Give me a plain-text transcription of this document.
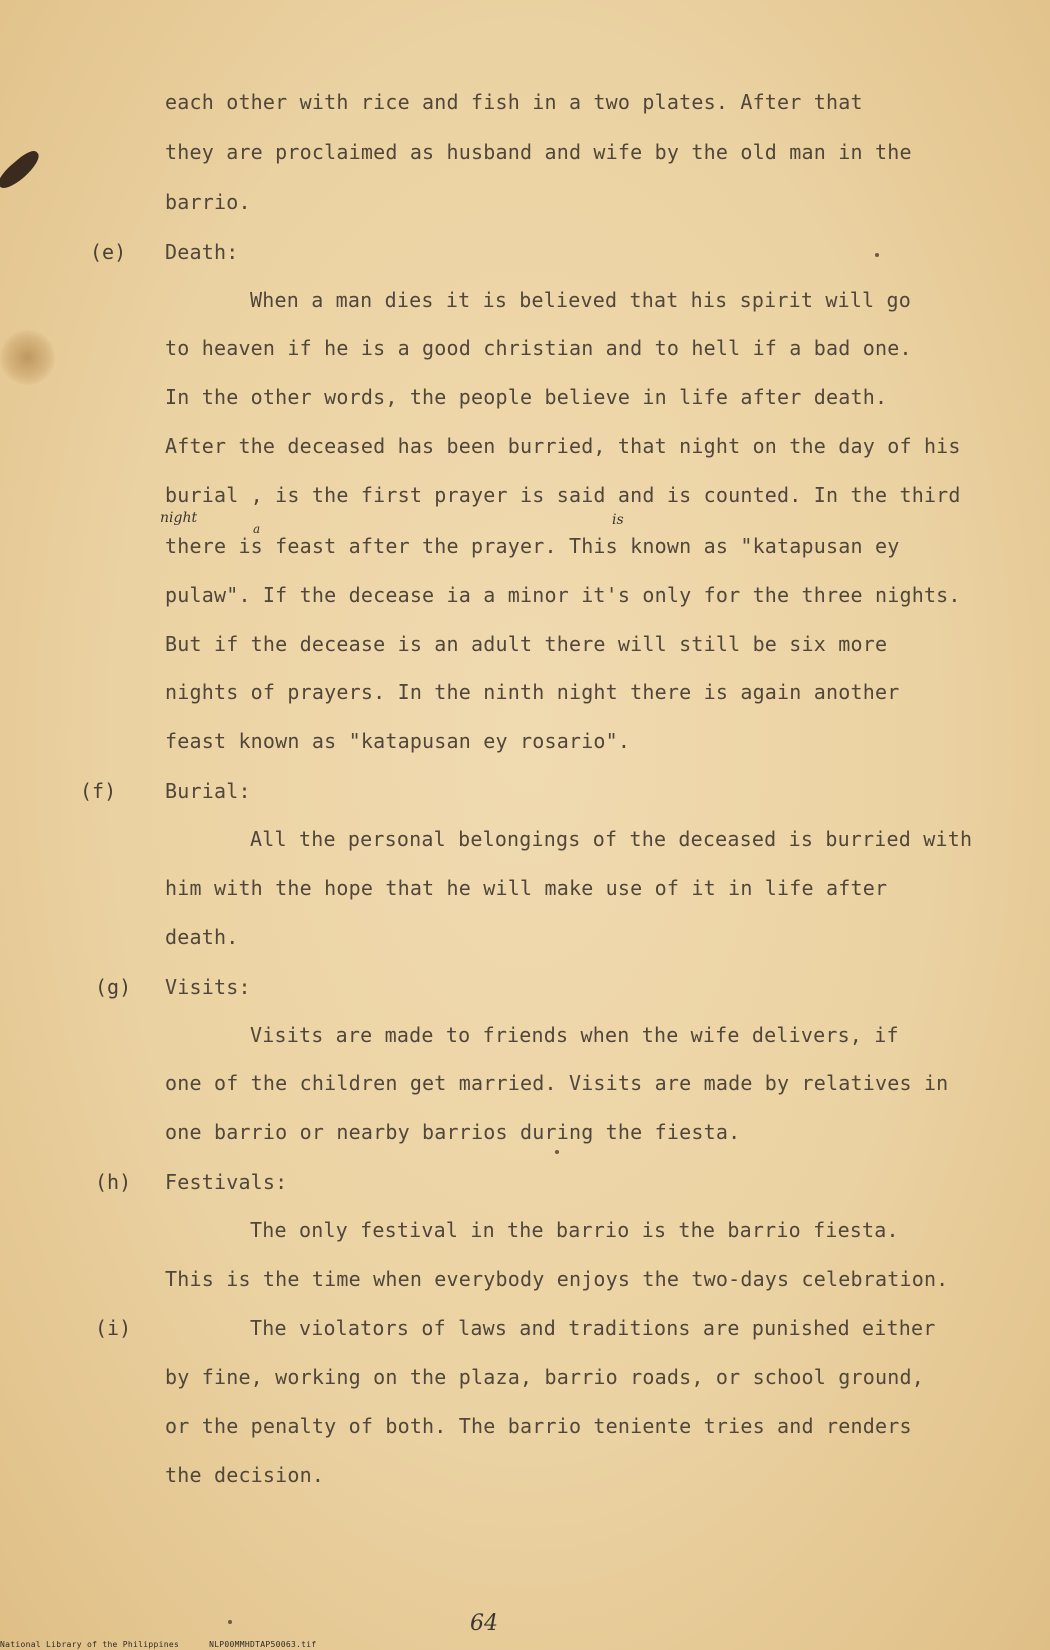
each other with rice and fish in a two plates. After that
they are proclaimed as husband and wife by the old man in the
barrio.
(e) Death:
When a man dies it is believed that his spirit will go
to heaven if he is a good christian and to hell if a bad one.
In the other words, the people believe in life after death.
After the deceased has been burried, that night on the day of his
burial , is the first prayer is said and is counted. In the third
night	is
a
there is feast after the prayer. This known as "katapusan ey
pulaw". If the decease ia a minor it's only for the three nights.
But if the decease is an adult there will still be six more
nights of prayers. In the ninth night there is again another
feast known as "katapusan ey rosario".
(f) Burial:
All the personal belongings of the deceased is burried with
him with the hope that he will make use of it in life after
death.
(g) Visits:
Visits are made to friends when the wife delivers, if
one of the children get married. Visits are made by relatives in
one barrio or nearby barrios during the fiesta.
(h) Festivals:
The only festival in the barrio is the barrio fiesta.
This is the time when everybody enjoys the two-days celebration.
(i)	The violators of laws and traditions are punished either
by fine, working on the plaza, barrio roads, or school ground,
or the penalty of both. The barrio teniente tries and renders
the decision.
64
National Library of the Philippines	NLP00MMHDTAP50063.tif
